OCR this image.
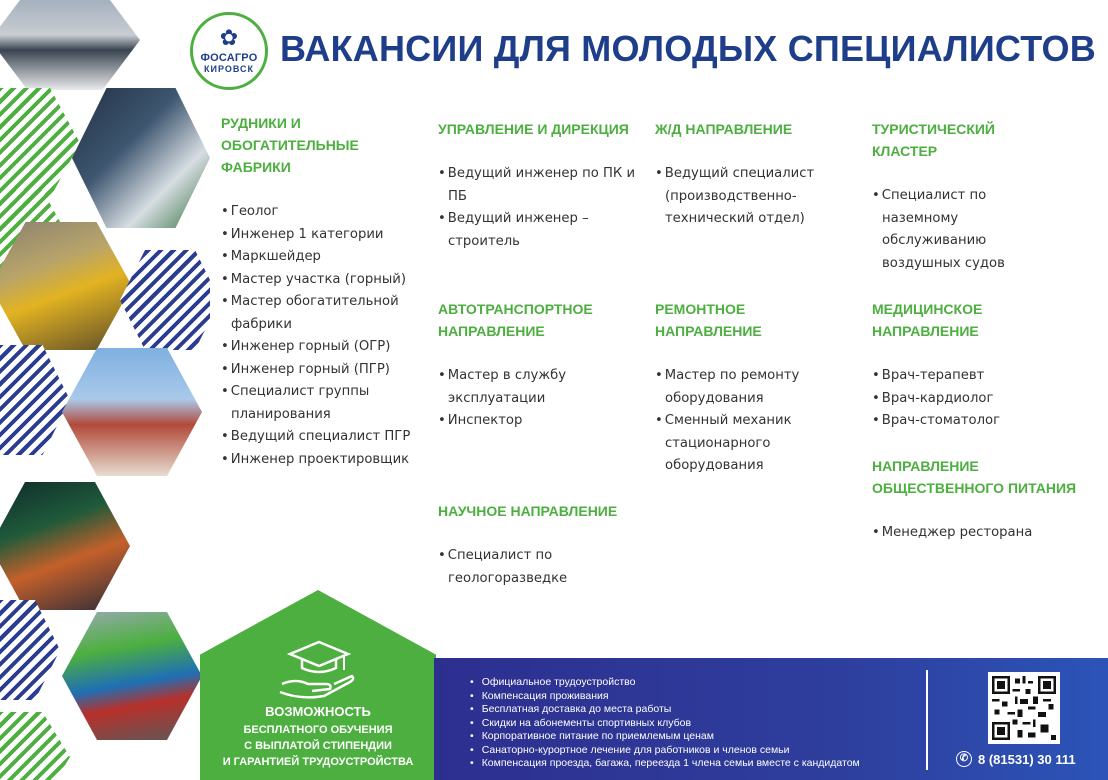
✿
ФОСАГРО
КИРОВСК ВАКАНСИИ ДЛЯ МОЛОДЫХ СПЕЦИАЛИСТОВ
РУДНИКИ И ОБОГАТИТЕЛЬНЫЕ ФАБРИКИ
• Геолог
• Инженер 1 категории
• Маркшейдер
• Мастер участка (горный)
• Мастер обогатительной фабрики
• Инженер горный (ОГР)
• Инженер горный (ПГР)
• Специалист группы планирования
• Ведущий специалист ПГР
• Инженер проектировщик
УПРАВЛЕНИЕ И ДИРЕКЦИЯ
• Ведущий инженер по ПК и ПБ
• Ведущий инженер – строитель
Ж/Д НАПРАВЛЕНИЕ
• Ведущий специалист (производственно-технический отдел)
ТУРИСТИЧЕСКИЙ КЛАСТЕР
• Специалист по наземному обслуживанию воздушных судов
АВТОТРАНСПОРТНОЕ НАПРАВЛЕНИЕ
• Мастер в службу эксплуатации
• Инспектор
РЕМОНТНОЕ НАПРАВЛЕНИЕ
• Мастер по ремонту оборудования
• Сменный механик стационарного оборудования
МЕДИЦИНСКОЕ НАПРАВЛЕНИЕ
• Врач-терапевт
• Врач-кардиолог
• Врач-стоматолог
НАПРАВЛЕНИЕ ОБЩЕСТВЕННОГО ПИТАНИЯ
• Менеджер ресторана
НАУЧНОЕ НАПРАВЛЕНИЕ
• Специалист по геологоразведке
ВОЗМОЖНОСТЬ
БЕСПЛАТНОГО ОБУЧЕНИЯ
С ВЫПЛАТОЙ СТИПЕНДИИ
И ГАРАНТИЕЙ ТРУДОУСТРОЙСТВА
• Официальное трудоустройство
• Компенсация проживания
• Бесплатная доставка до места работы
• Скидки на абонементы спортивных клубов
• Корпоративное питание по приемлемым ценам
• Санаторно-курортное лечение для работников и членов семьи
• Компенсация проезда, багажа, переезда 1 члена семьи вместе с кандидатом	✆ 8 (81531) 30 111
